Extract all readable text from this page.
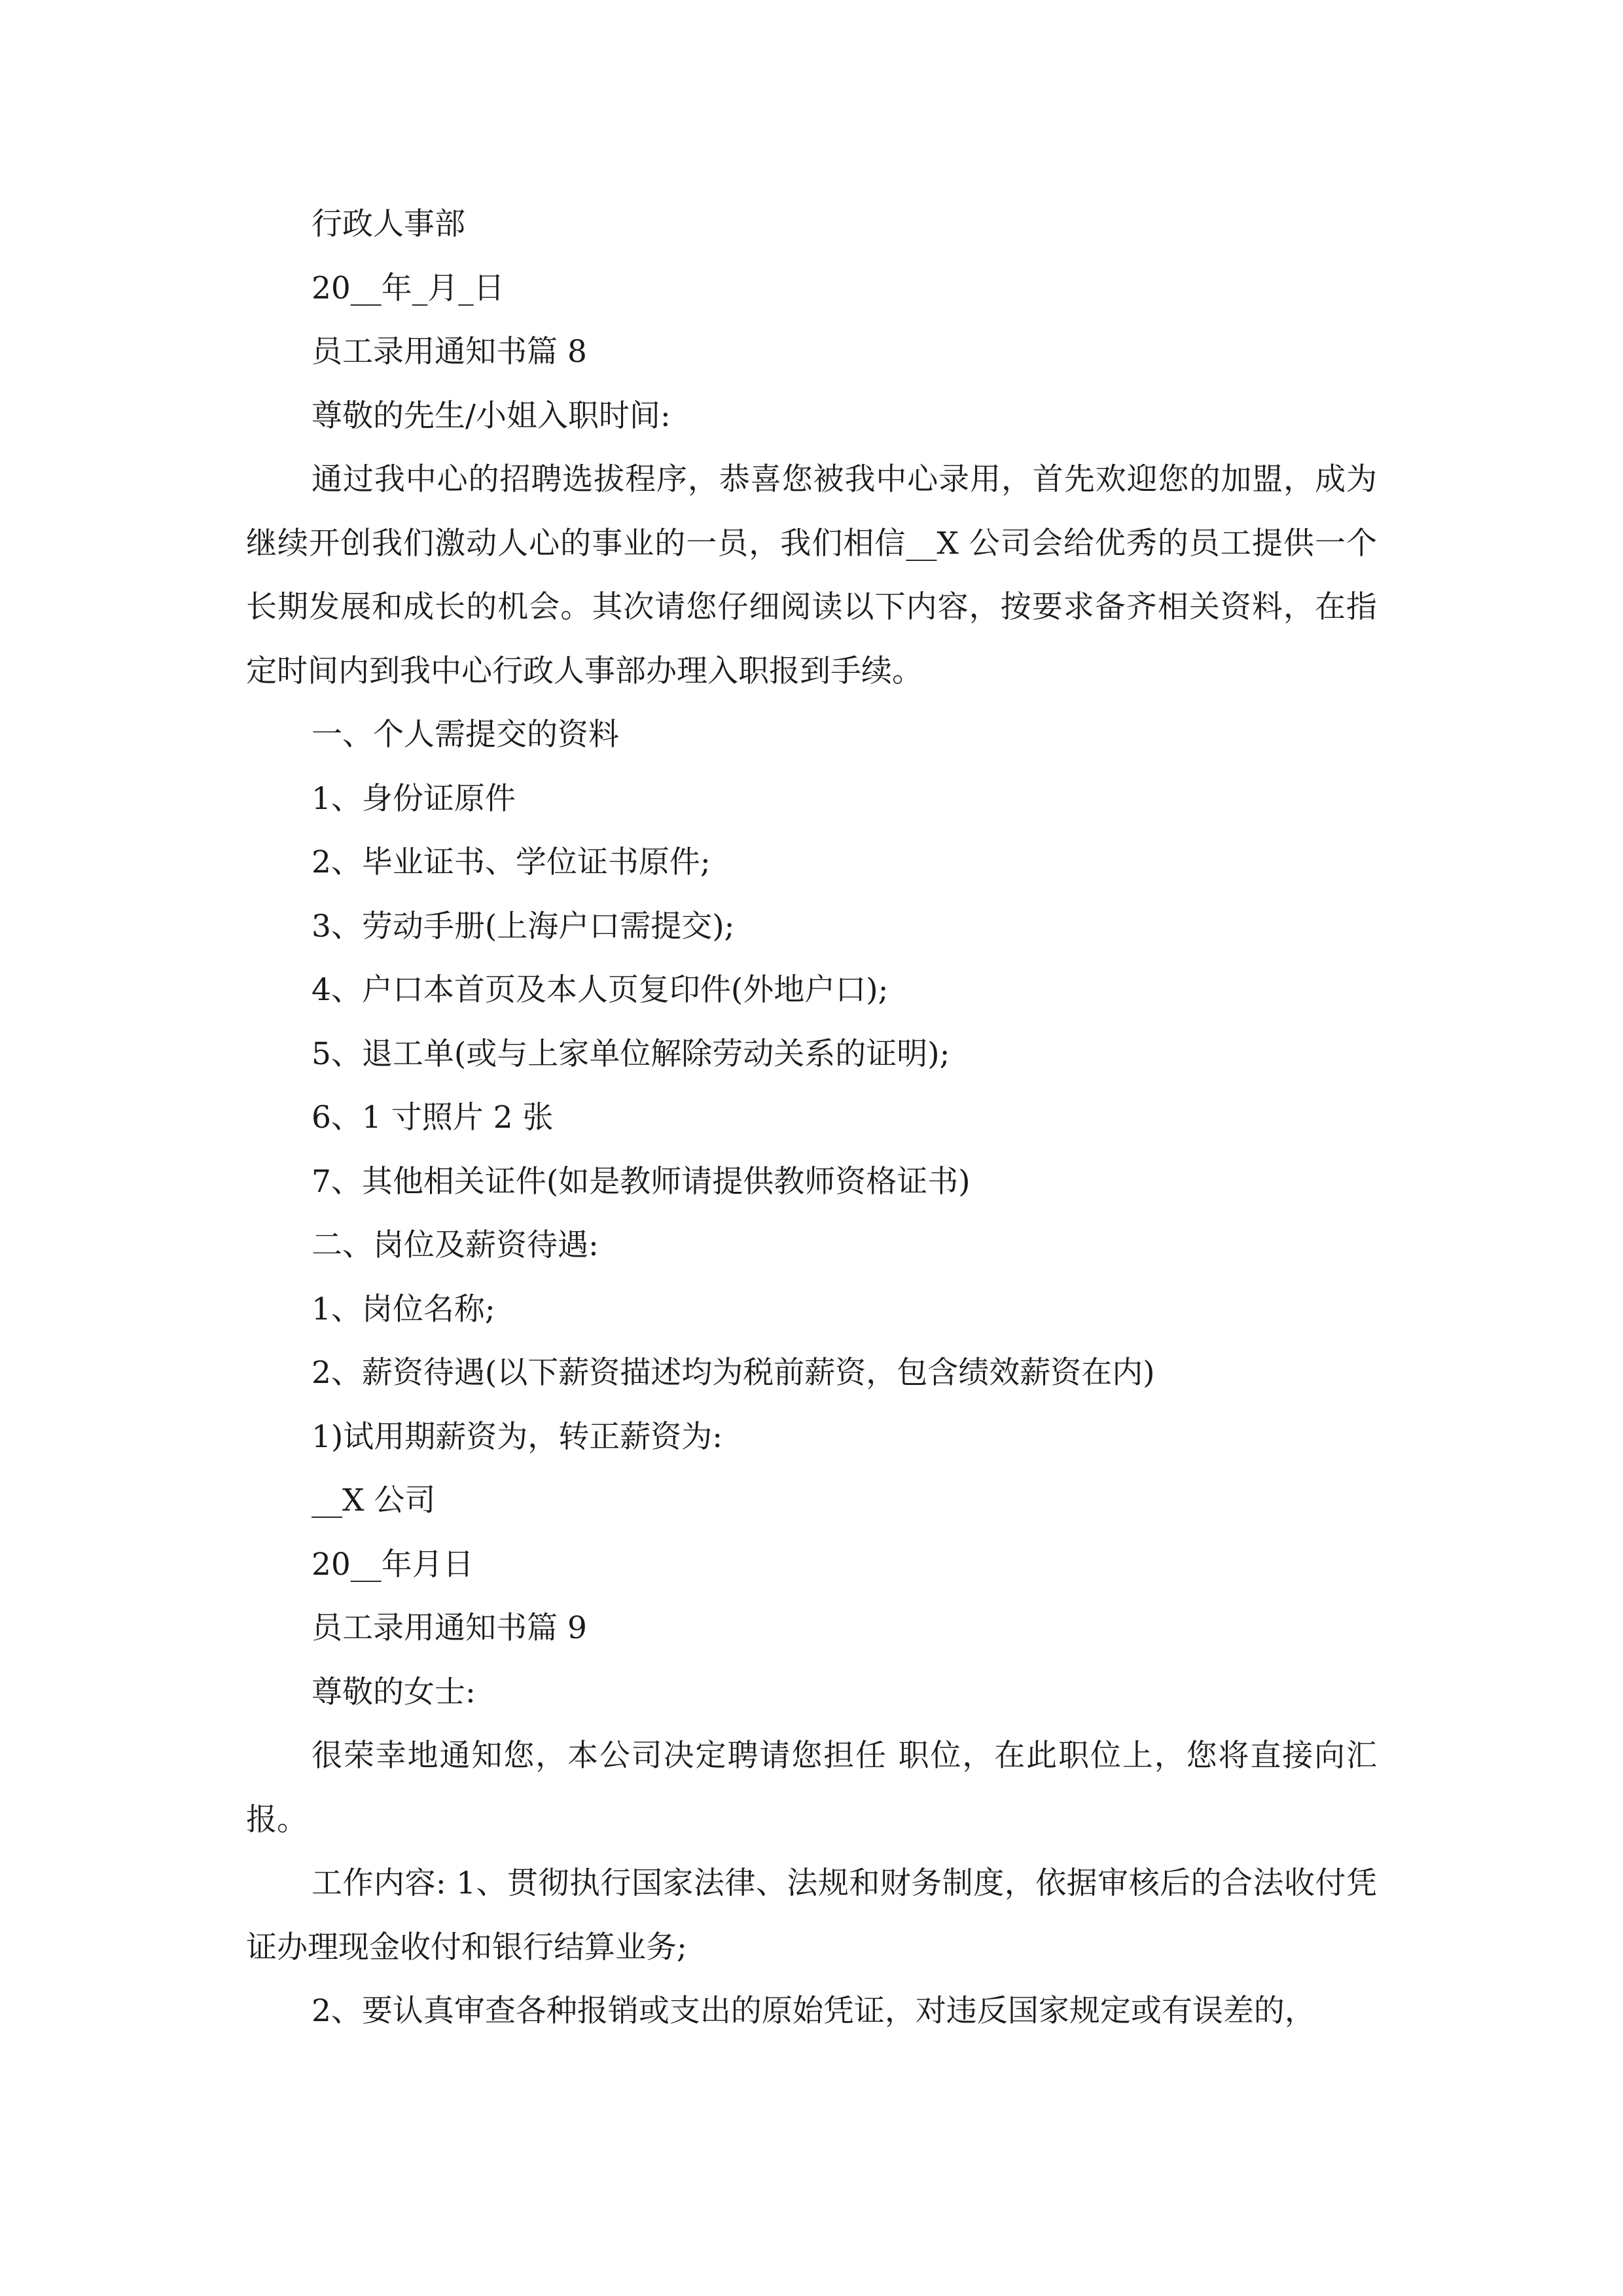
行政人事部

20__年_月_日

员工录用通知书篇 8

尊敬的先生/小姐入职时间:

通过我中心的招聘选拔程序，恭喜您被我中心录用，首先欢迎您的加盟，成为继续开创我们激动人心的事业的一员，我们相信__X 公司会给优秀的员工提供一个长期发展和成长的机会。其次请您仔细阅读以下内容，按要求备齐相关资料，在指定时间内到我中心行政人事部办理入职报到手续。

一、个人需提交的资料

1、身份证原件

2、毕业证书、学位证书原件;

3、劳动手册(上海户口需提交);

4、户口本首页及本人页复印件(外地户口);

5、退工单(或与上家单位解除劳动关系的证明);

6、1 寸照片 2 张

7、其他相关证件(如是教师请提供教师资格证书)

二、岗位及薪资待遇:

1、岗位名称;

2、薪资待遇(以下薪资描述均为税前薪资，包含绩效薪资在内)

1)试用期薪资为，转正薪资为:

__X 公司

20__年月日

员工录用通知书篇 9

尊敬的女士:

很荣幸地通知您，本公司决定聘请您担任 职位，在此职位上，您将直接向汇报。

工作内容: 1、贯彻执行国家法律、法规和财务制度，依据审核后的合法收付凭证办理现金收付和银行结算业务;

2、要认真审查各种报销或支出的原始凭证，对违反国家规定或有误差的，
